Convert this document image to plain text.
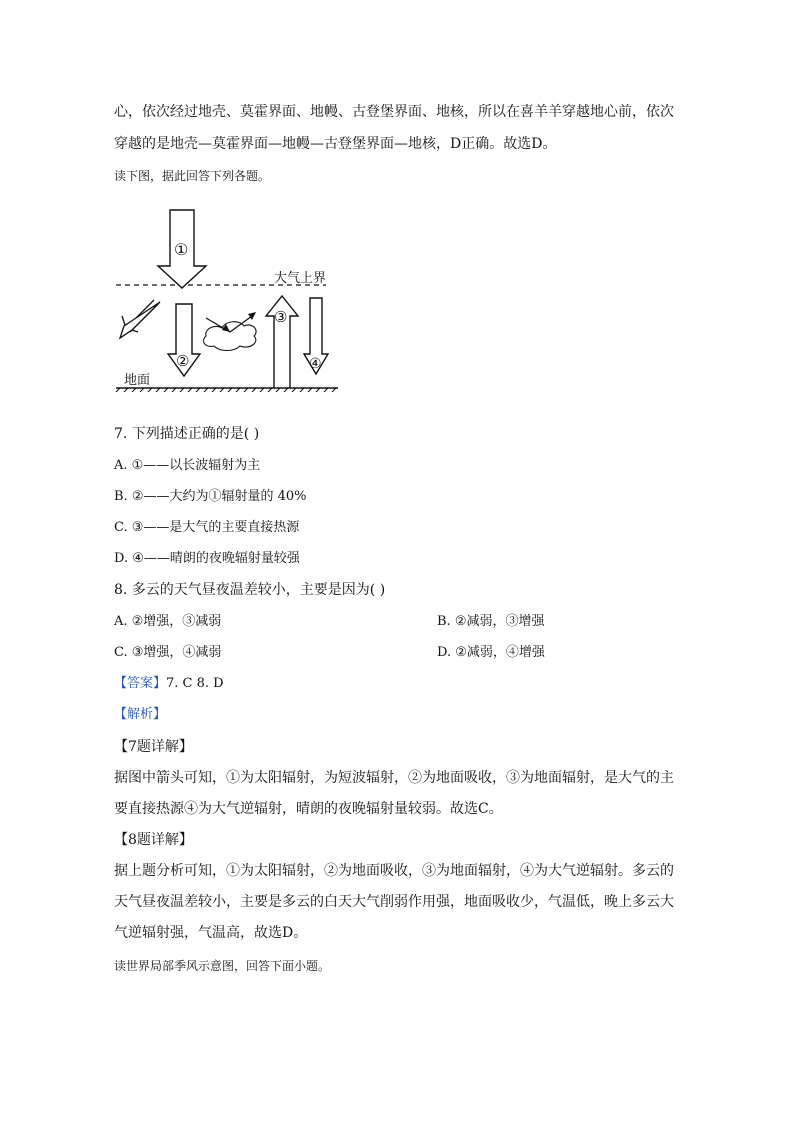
心，依次经过地壳、莫霍界面、地幔、古登堡界面、地核，所以在喜羊羊穿越地心前，依次
穿越的是地壳—莫霍界面—地幔—古登堡界面—地核，D正确。故选D。
读下图，据此回答下列各题。
大气上界
①
②
③
④
地面
7. 下列描述正确的是( )
A. ①——以长波辐射为主
B. ②——大约为①辐射量的 40%
C. ③——是大气的主要直接热源
D. ④——晴朗的夜晚辐射量较强
8. 多云的天气昼夜温差较小，主要是因为( )
A. ②增强，③减弱	B. ②减弱，③增强
C. ③增强，④减弱	D. ②减弱，④增强
【答案】7. C 8. D
【解析】
【7题详解】
据图中箭头可知，①为太阳辐射，为短波辐射，②为地面吸收，③为地面辐射，是大气的主
要直接热源④为大气逆辐射，晴朗的夜晚辐射量较弱。故选C。
【8题详解】
据上题分析可知，①为太阳辐射，②为地面吸收，③为地面辐射，④为大气逆辐射。多云的
天气昼夜温差较小，主要是多云的白天大气削弱作用强，地面吸收少，气温低，晚上多云大
气逆辐射强，气温高，故选D。
读世界局部季风示意图，回答下面小题。
